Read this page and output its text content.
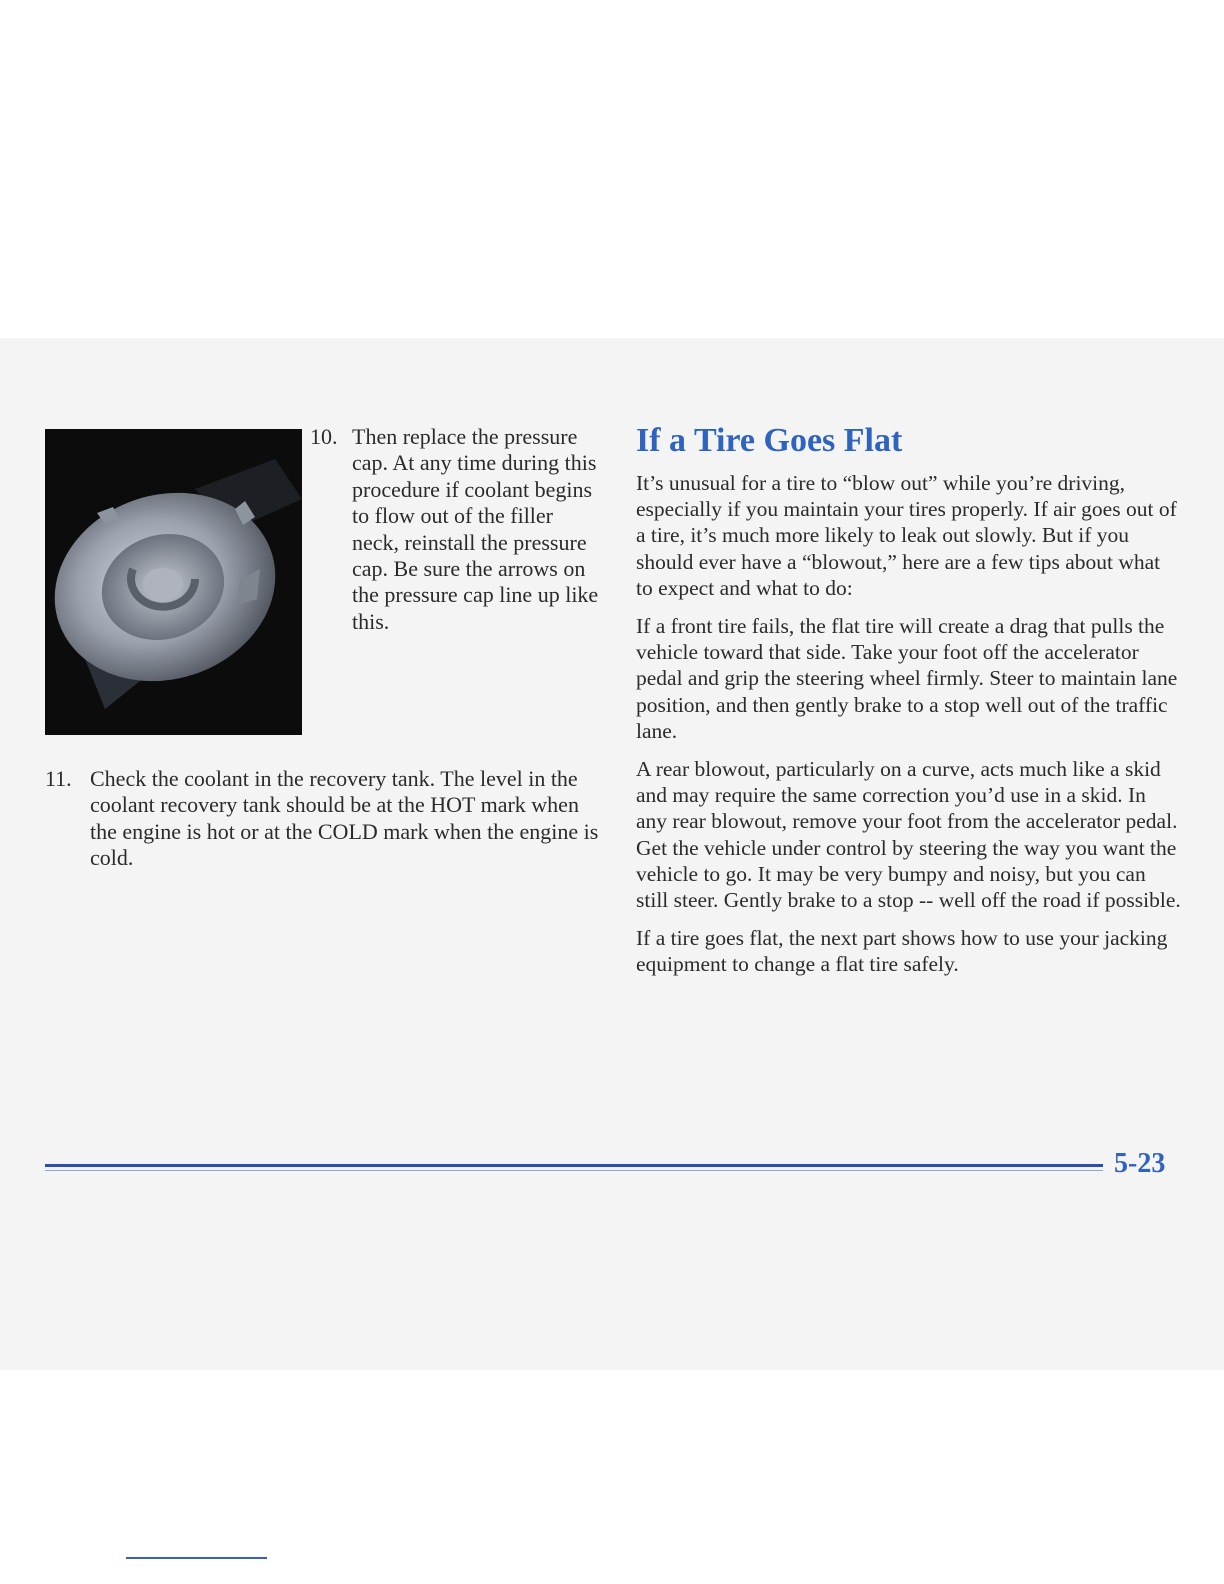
10. Then replace the pressure cap. At any time during this procedure if coolant begins to flow out of the filler neck, reinstall the pressure cap. Be sure the arrows on the pressure cap line up like this.
11. Check the coolant in the recovery tank. The level in the coolant recovery tank should be at the HOT mark when the engine is hot or at the COLD mark when the engine is cold.
If a Tire Goes Flat

It’s unusual for a tire to “blow out” while you’re driving, especially if you maintain your tires properly. If air goes out of a tire, it’s much more likely to leak out slowly. But if you should ever have a “blowout,” here are a few tips about what to expect and what to do:

If a front tire fails, the flat tire will create a drag that pulls the vehicle toward that side. Take your foot off the accelerator pedal and grip the steering wheel firmly. Steer to maintain lane position, and then gently brake to a stop well out of the traffic lane.

A rear blowout, particularly on a curve, acts much like a skid and may require the same correction you’d use in a skid. In any rear blowout, remove your foot from the accelerator pedal. Get the vehicle under control by steering the way you want the vehicle to go. It may be very bumpy and noisy, but you can still steer. Gently brake to a stop -- well off the road if possible.

If a tire goes flat, the next part shows how to use your jacking equipment to change a flat tire safely.

5-23
